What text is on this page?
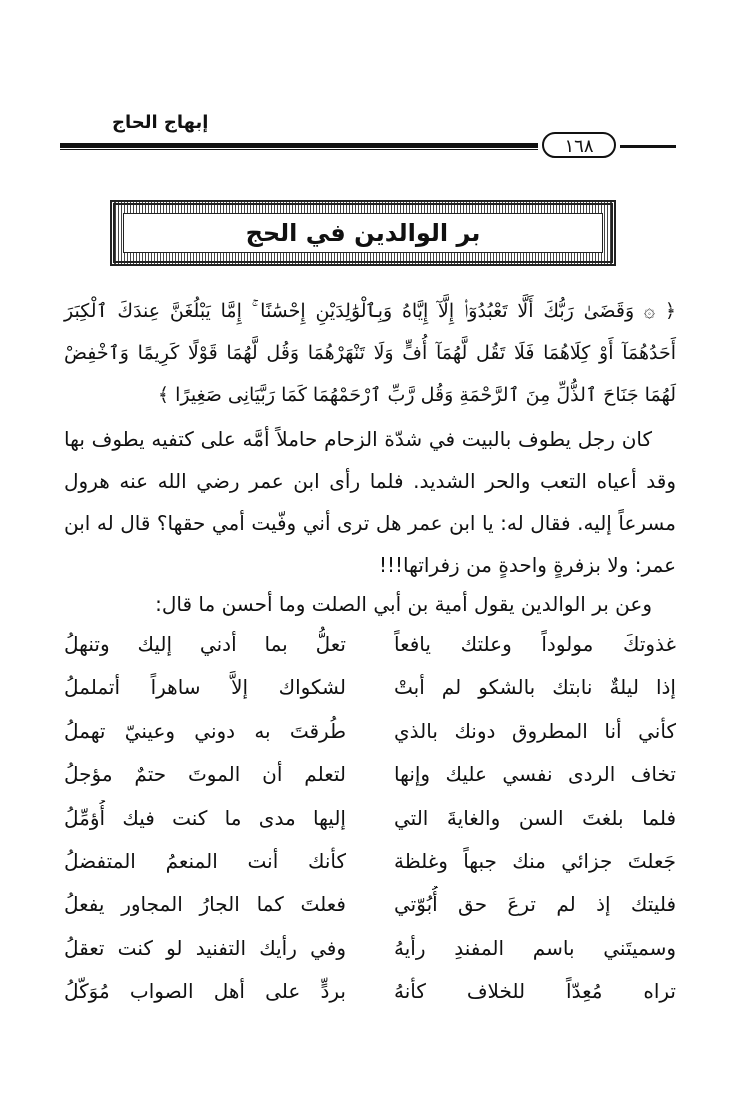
إبهاج الحاج
١٦٨
بر الوالدين في الحج
﴿ ۞ وَقَضَىٰ رَبُّكَ أَلَّا تَعْبُدُوٓا۟ إِلَّآ إِيَّاهُ وَبِٱلْوَٰلِدَيْنِ إِحْسَٰنًا ۚ إِمَّا يَبْلُغَنَّ عِندَكَ ٱلْكِبَرَ أَحَدُهُمَآ أَوْ كِلَاهُمَا فَلَا تَقُل لَّهُمَآ أُفٍّ وَلَا تَنْهَرْهُمَا وَقُل لَّهُمَا قَوْلًا كَرِيمًا وَٱخْفِضْ لَهُمَا جَنَاحَ ٱلذُّلِّ مِنَ ٱلرَّحْمَةِ وَقُل رَّبِّ ٱرْحَمْهُمَا كَمَا رَبَّيَانِى صَغِيرًا ﴾

كان رجل يطوف بالبيت في شدّة الزحام حاملاً أمَّه على كتفيه يطوف بها وقد أعياه التعب والحر الشديد. فلما رأى ابن عمر رضي الله عنه هرول مسرعاً إليه. فقال له: يا ابن عمر هل ترى أني وفّيت أمي حقها؟ قال له ابن عمر: ولا بزفرةٍ واحدةٍ من زفراتها!!!

وعن بر الوالدين يقول أمية بن أبي الصلت وما أحسن ما قال:
غذوتكَ مولوداً وعلتك يافعاً
تعلُّ بما أدني إليك وتنهلُ
إذا ليلةٌ نابتك بالشكو لم أبتْ
لشكواك إلاَّ ساهراً أتململُ
كأني أنا المطروق دونك بالذي
طُرقتَ به دوني وعينيّ تهملُ
تخاف الردى نفسي عليك وإنها
لتعلم أن الموتَ حتمٌ مؤجلُ
فلما بلغتَ السن والغايةَ التي
إليها مدى ما كنت فيك أُؤمِّلُ
جَعلتَ جزائي منك جبهاً وغلظة
كأنك أنت المنعمُ المتفضلُ
فليتك إذ لم ترعَ حق أُبُوّتي
فعلتَ كما الجارُ المجاور يفعلُ
وسميتَني باسم المفندِ رأيهُ
وفي رأيك التفنيد لو كنت تعقلُ
تراه مُعِدّاً للخلاف كأنهُ
بردٍّ على أهل الصواب مُوَكّلُ
